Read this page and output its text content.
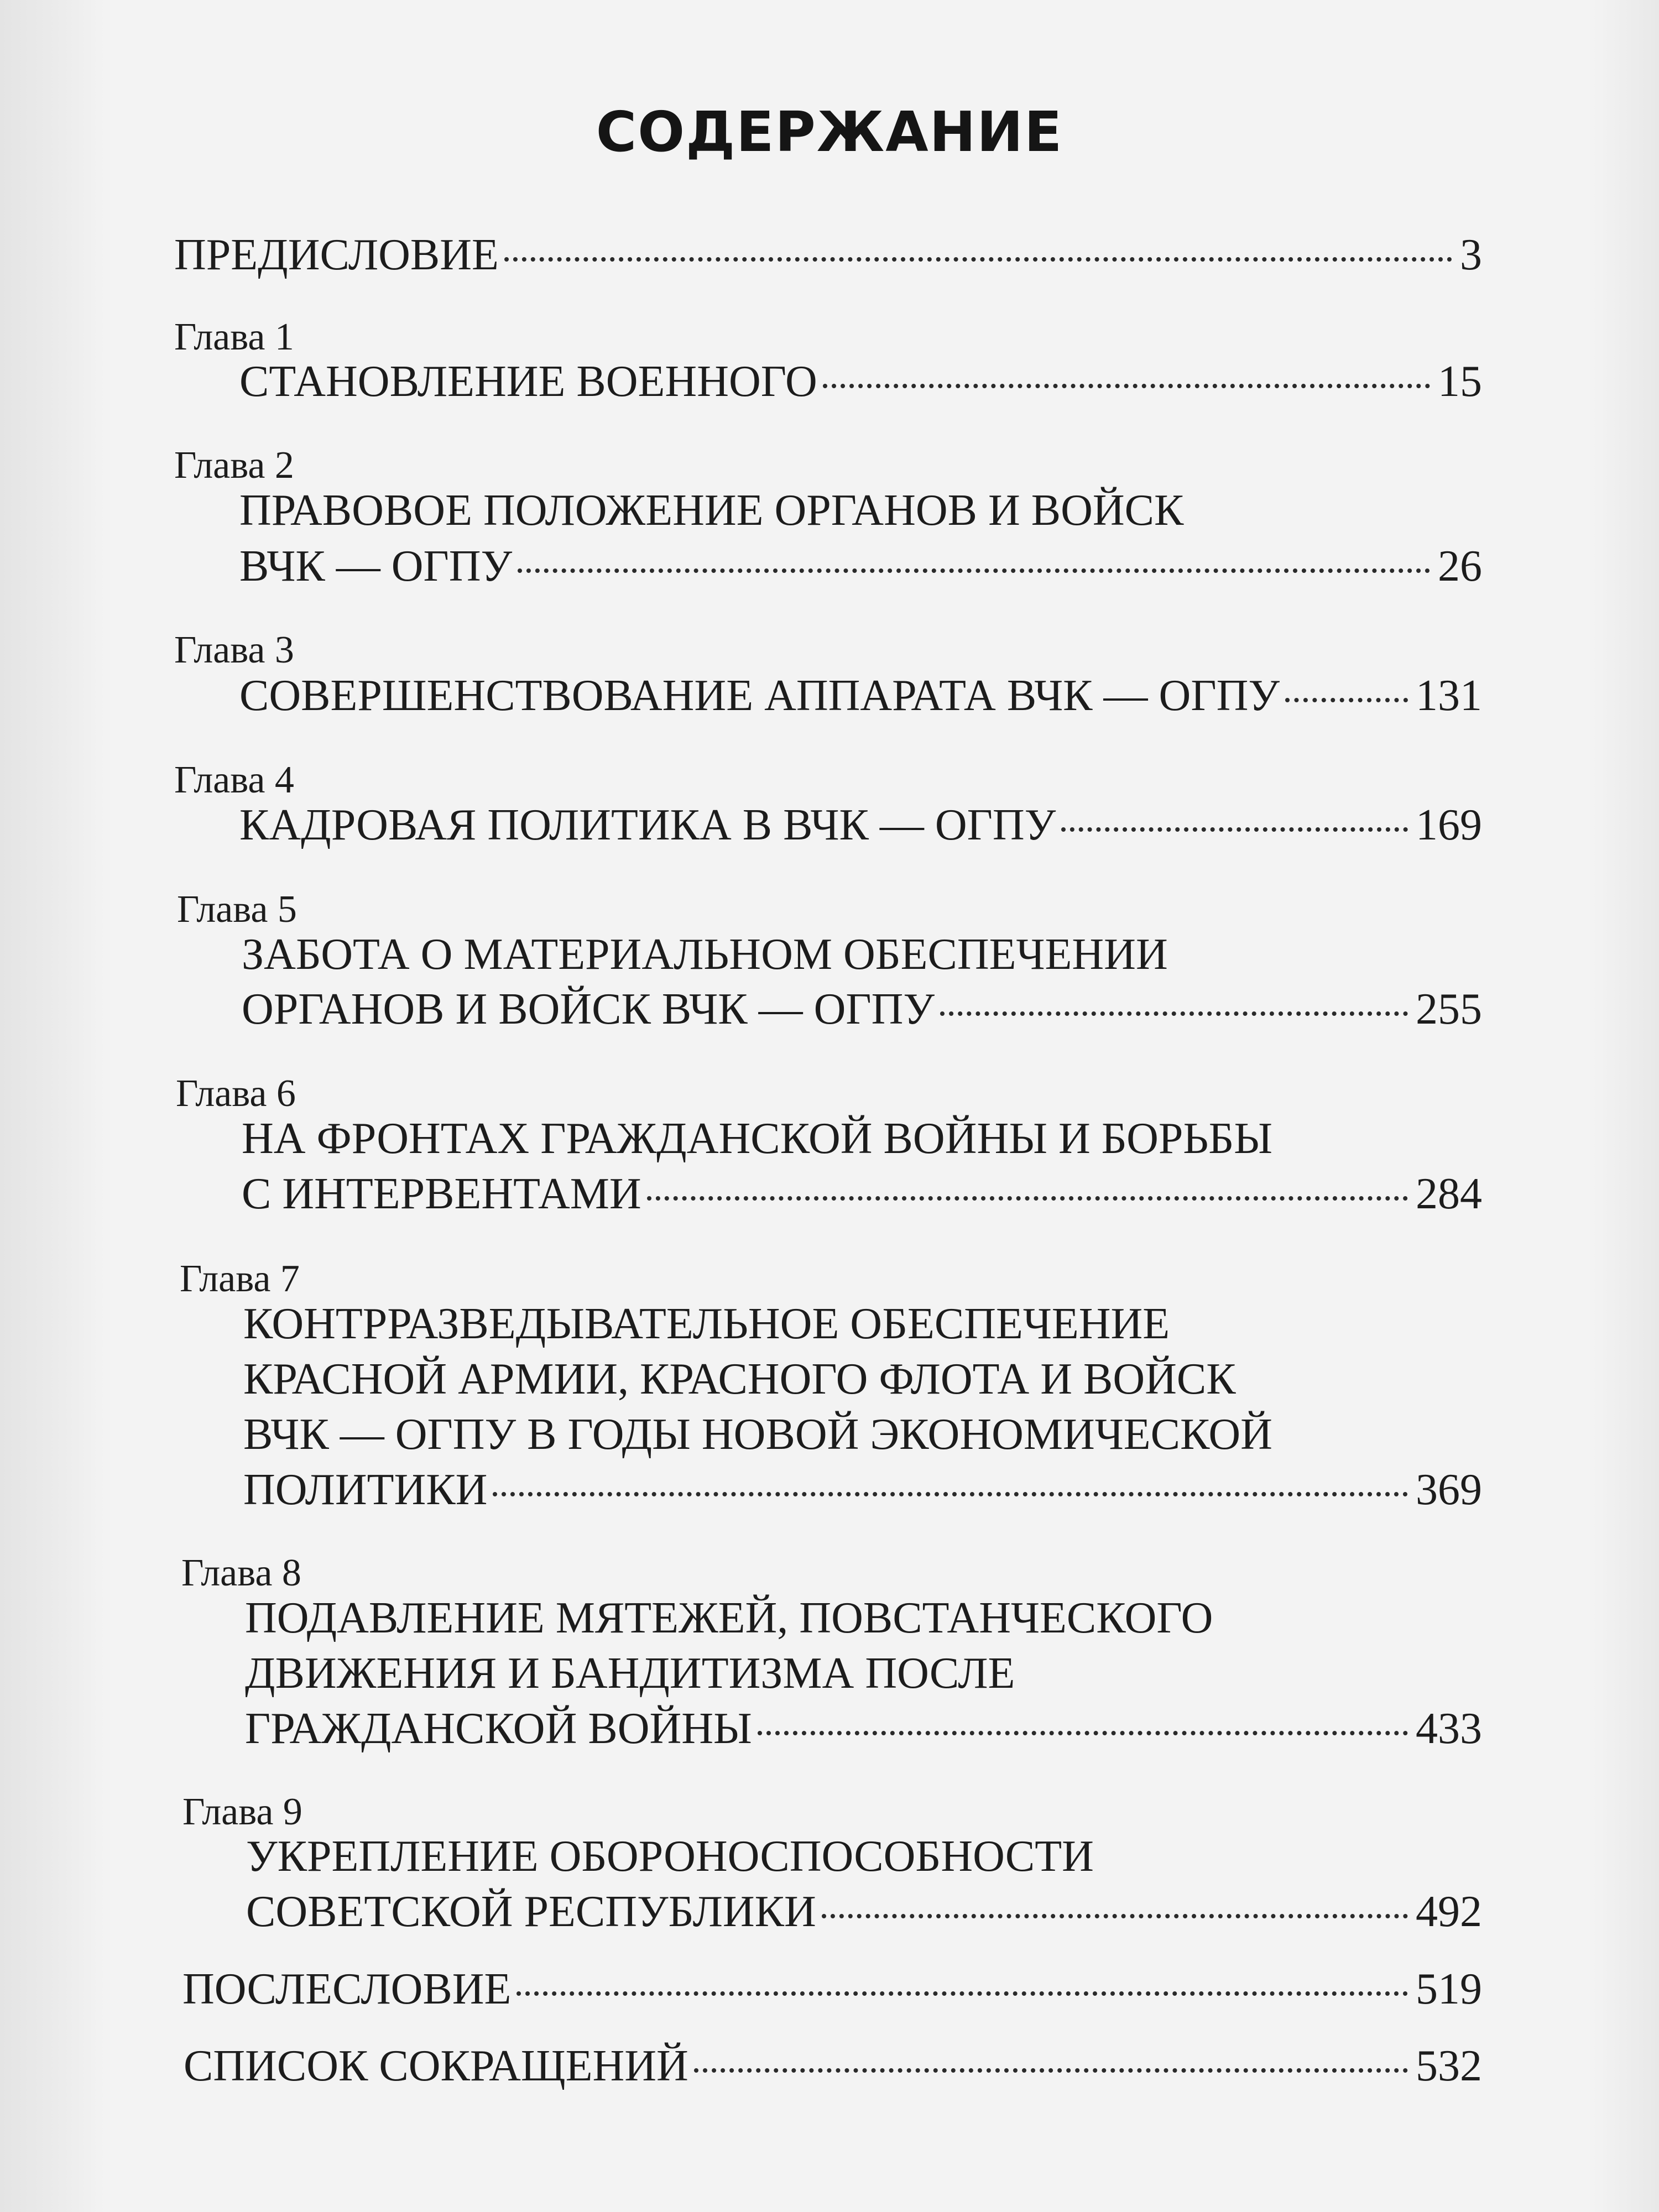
СОДЕРЖАНИЕ
ПРЕДИСЛОВИЕ	3
Глава 1
СТАНОВЛЕНИЕ ВОЕННОГО	15
Глава 2
ПРАВОВОЕ ПОЛОЖЕНИЕ ОРГАНОВ И ВОЙСК
ВЧК — ОГПУ	26
Глава 3
СОВЕРШЕНСТВОВАНИЕ АППАРАТА ВЧК — ОГПУ	131
Глава 4
КАДРОВАЯ ПОЛИТИКА В ВЧК — ОГПУ	169
Глава 5
ЗАБОТА О МАТЕРИАЛЬНОМ ОБЕСПЕЧЕНИИ
ОРГАНОВ И ВОЙСК ВЧК — ОГПУ	255
Глава 6
НА ФРОНТАХ ГРАЖДАНСКОЙ ВОЙНЫ И БОРЬБЫ
С ИНТЕРВЕНТАМИ	284
Глава 7
КОНТРРАЗВЕДЫВАТЕЛЬНОЕ ОБЕСПЕЧЕНИЕ
КРАСНОЙ АРМИИ, КРАСНОГО ФЛОТА И ВОЙСК
ВЧК — ОГПУ В ГОДЫ НОВОЙ ЭКОНОМИЧЕСКОЙ
ПОЛИТИКИ	369
Глава 8
ПОДАВЛЕНИЕ МЯТЕЖЕЙ, ПОВСТАНЧЕСКОГО
ДВИЖЕНИЯ И БАНДИТИЗМА ПОСЛЕ
ГРАЖДАНСКОЙ ВОЙНЫ	433
Глава 9
УКРЕПЛЕНИЕ ОБОРОНОСПОСОБНОСТИ
СОВЕТСКОЙ РЕСПУБЛИКИ	492
ПОСЛЕСЛОВИЕ	519
СПИСОК СОКРАЩЕНИЙ	532
